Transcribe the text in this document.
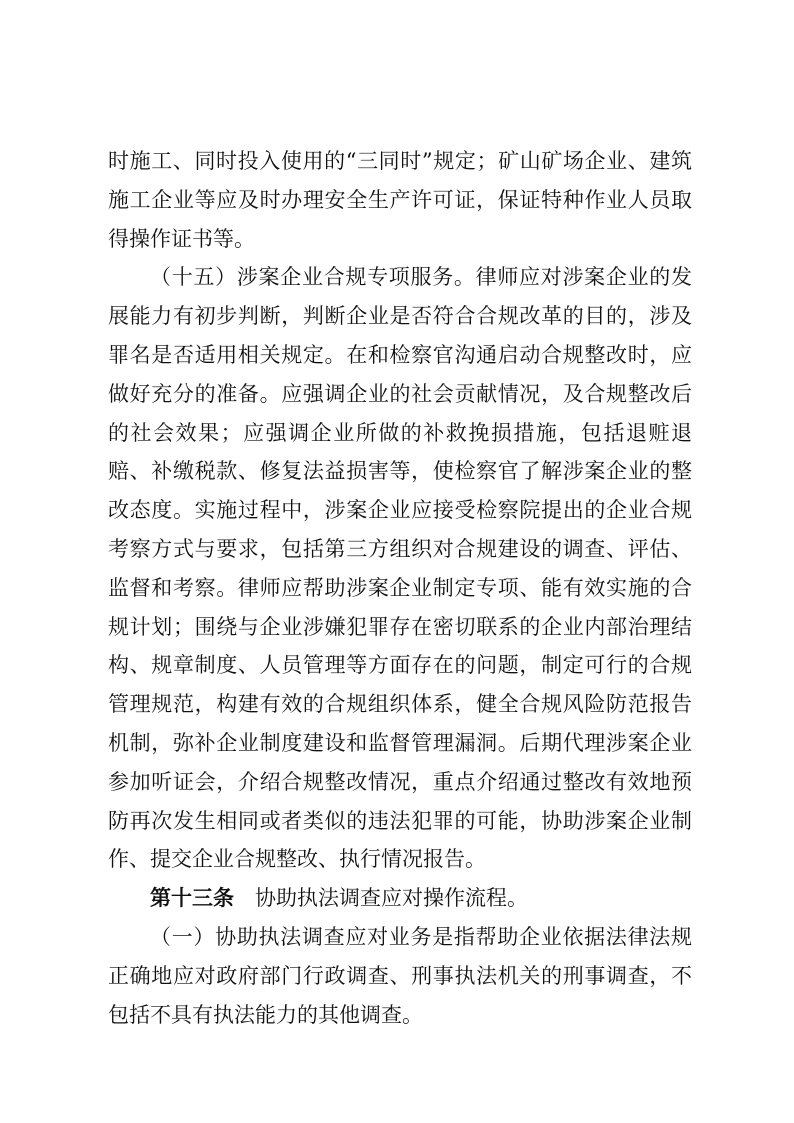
时施工、同时投入使用的“三同时”规定；矿山矿场企业、建筑施工企业等应及时办理安全生产许可证，保证特种作业人员取得操作证书等。

（十五）涉案企业合规专项服务。律师应对涉案企业的发展能力有初步判断，判断企业是否符合合规改革的目的，涉及罪名是否适用相关规定。在和检察官沟通启动合规整改时，应做好充分的准备。应强调企业的社会贡献情况，及合规整改后的社会效果；应强调企业所做的补救挽损措施，包括退赃退赔、补缴税款、修复法益损害等，使检察官了解涉案企业的整改态度。实施过程中，涉案企业应接受检察院提出的企业合规考察方式与要求，包括第三方组织对合规建设的调查、评估、监督和考察。律师应帮助涉案企业制定专项、能有效实施的合规计划；围绕与企业涉嫌犯罪存在密切联系的企业内部治理结构、规章制度、人员管理等方面存在的问题，制定可行的合规管理规范，构建有效的合规组织体系，健全合规风险防范报告机制，弥补企业制度建设和监督管理漏洞。后期代理涉案企业参加听证会，介绍合规整改情况，重点介绍通过整改有效地预防再次发生相同或者类似的违法犯罪的可能，协助涉案企业制作、提交企业合规整改、执行情况报告。

第十三条　 协助执法调查应对操作流程。

（一）协助执法调查应对业务是指帮助企业依据法律法规正确地应对政府部门行政调查、刑事执法机关的刑事调查，不包括不具有执法能力的其他调查。
